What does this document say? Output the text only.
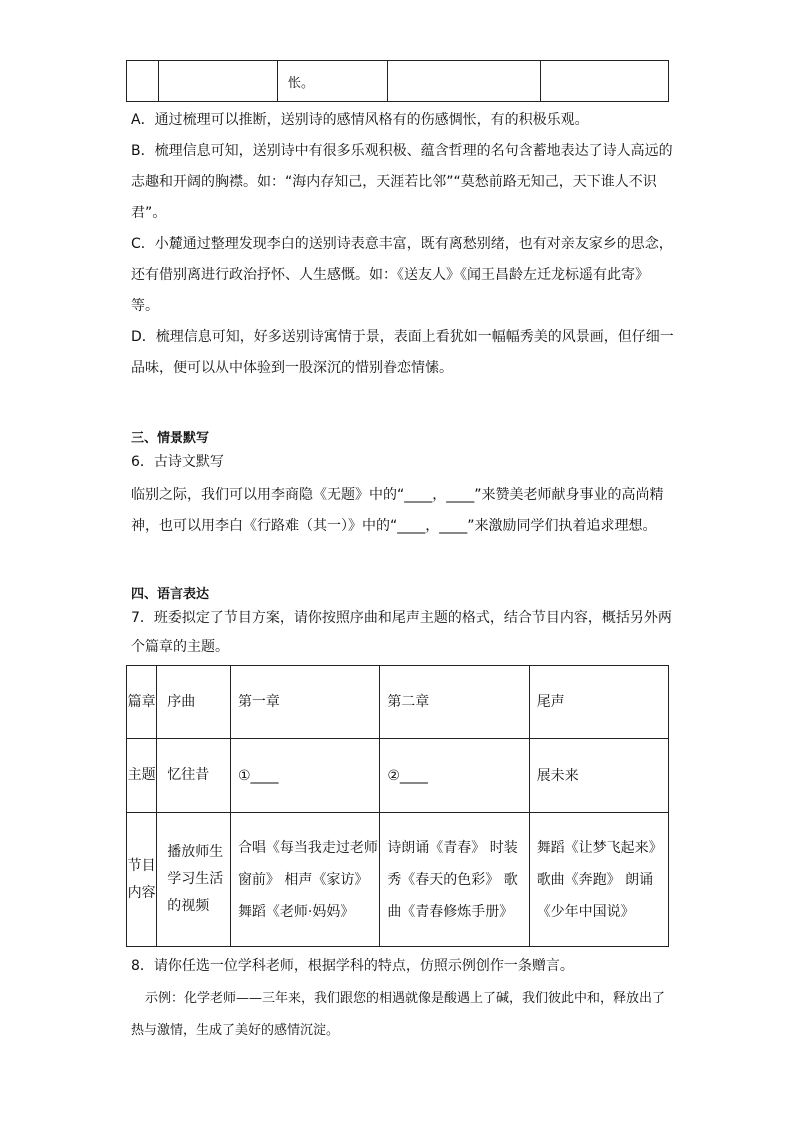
		怅。		

A．通过梳理可以推断，送别诗的感情风格有的伤感惆怅，有的积极乐观。

B．梳理信息可知，送别诗中有很多乐观积极、蕴含哲理的名句含蓄地表达了诗人高远的志趣和开阔的胸襟。如：“海内存知己，天涯若比邻”“莫愁前路无知己，天下谁人不识君”。

C．小麓通过整理发现李白的送别诗表意丰富，既有离愁别绪，也有对亲友家乡的思念，还有借别离进行政治抒怀、人生感慨。如：《送友人》《闻王昌龄左迁龙标遥有此寄》等。

D．梳理信息可知，好多送别诗寓情于景，表面上看犹如一幅幅秀美的风景画，但仔细一品味，便可以从中体验到一股深沉的惜别眷恋情愫。

三、情景默写

6．古诗文默写

临别之际，我们可以用李商隐《无题》中的“____，____”来赞美老师献身事业的高尚精神，也可以用李白《行路难（其一）》中的“____，____”来激励同学们执着追求理想。

四、语言表达

7．班委拟定了节目方案，请你按照序曲和尾声主题的格式，结合节目内容，概括另外两个篇章的主题。

篇章	序曲	第一章	第二章	尾声
主题	忆往昔	①____	②____	展未来
节目内容	播放师生学习生活的视频	合唱《每当我走过老师窗前》 相声《家访》 舞蹈《老师·妈妈》	诗朗诵《青春》 时装秀《春天的色彩》 歌曲《青春修炼手册》	舞蹈《让梦飞起来》 歌曲《奔跑》 朗诵《少年中国说》

8．请你任选一位学科老师，根据学科的特点，仿照示例创作一条赠言。

示例：化学老师——三年来，我们跟您的相遇就像是酸遇上了碱，我们彼此中和，释放出了热与激情，生成了美好的感情沉淀。
